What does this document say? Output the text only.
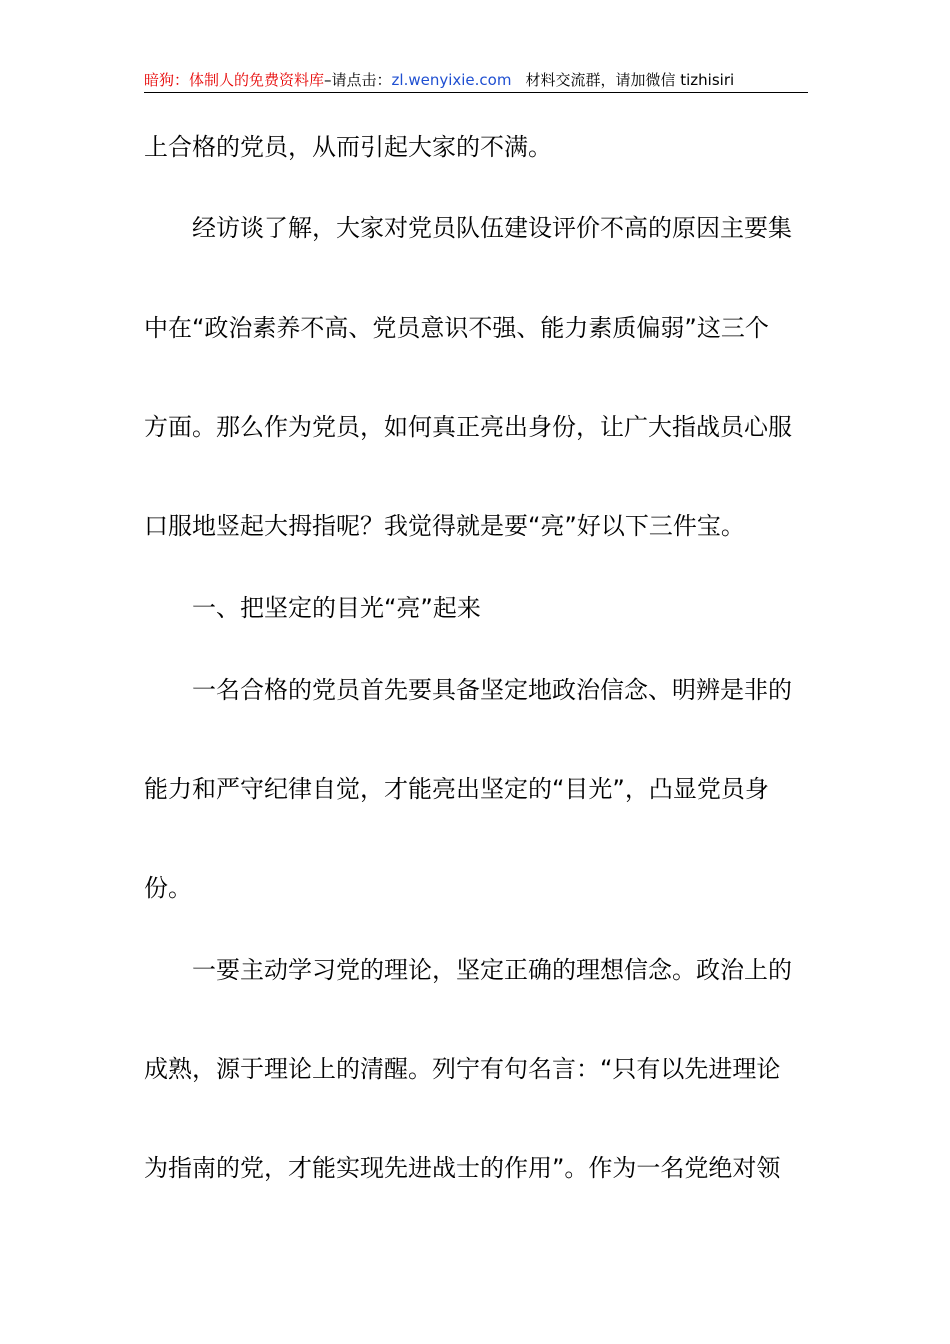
暗狗：体制人的免费资料库–请点击：zl.wenyixie.com 材料交流群，请加微信 tizhisiri
上合格的党员，从而引起大家的不满。
经访谈了解，大家对党员队伍建设评价不高的原因主要集
中在“政治素养不高、党员意识不强、能力素质偏弱”这三个
方面。那么作为党员，如何真正亮出身份，让广大指战员心服
口服地竖起大拇指呢？我觉得就是要“亮”好以下三件宝。
一、把坚定的目光“亮”起来
一名合格的党员首先要具备坚定地政治信念、明辨是非的
能力和严守纪律自觉，才能亮出坚定的“目光”，凸显党员身
份。
一要主动学习党的理论，坚定正确的理想信念。政治上的
成熟，源于理论上的清醒。列宁有句名言：“只有以先进理论
为指南的党，才能实现先进战士的作用”。作为一名党绝对领
